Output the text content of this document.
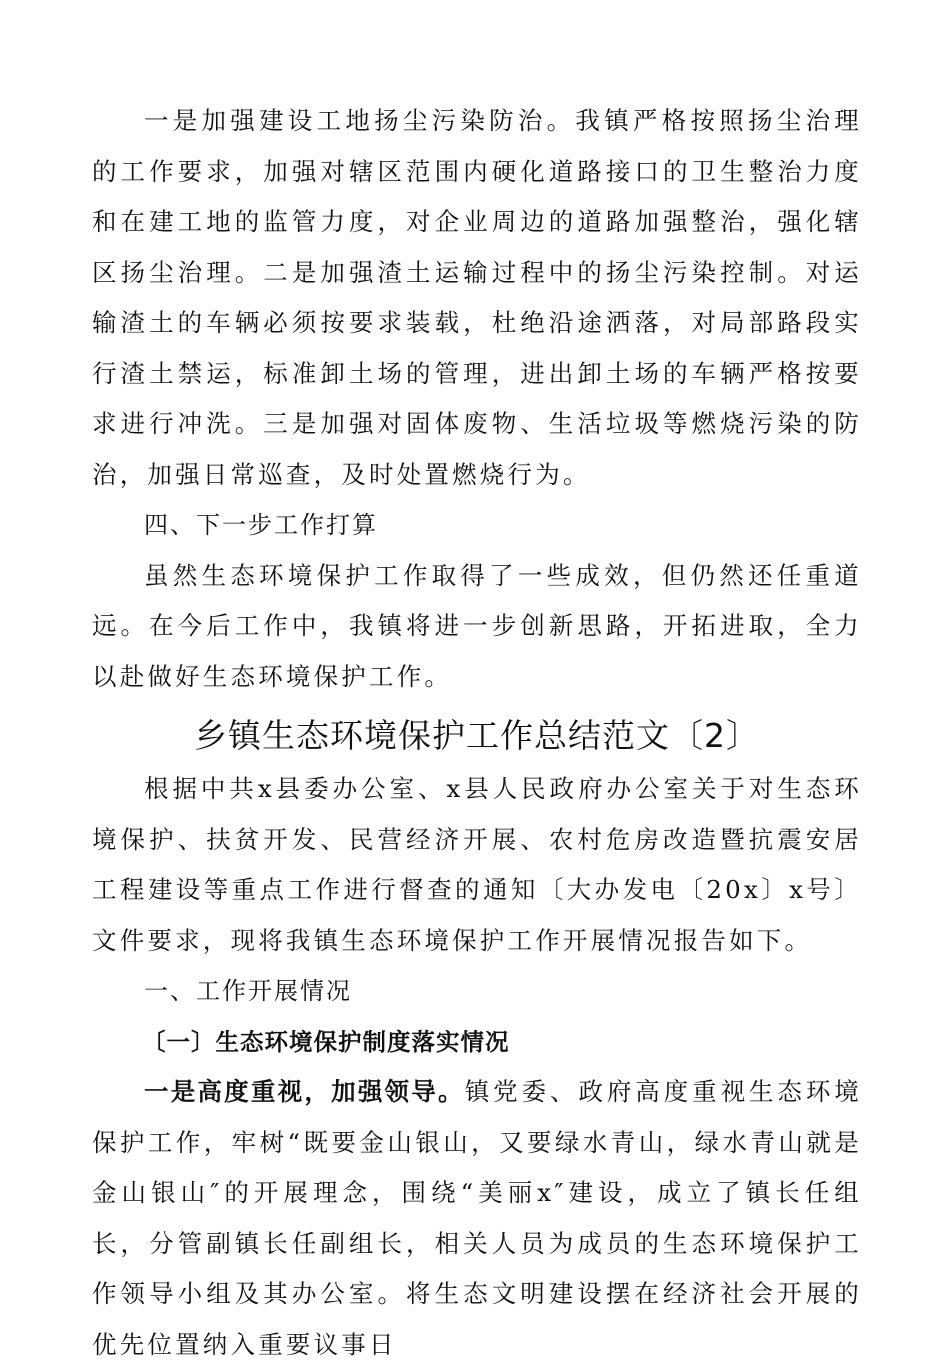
一是加强建设工地扬尘污染防治。我镇严格按照扬尘治理的工作要求，加强对辖区范围内硬化道路接口的卫生整治力度和在建工地的监管力度，对企业周边的道路加强整治，强化辖区扬尘治理。二是加强渣土运输过程中的扬尘污染控制。对运输渣土的车辆必须按要求装载，杜绝沿途洒落，对局部路段实行渣土禁运，标准卸土场的管理，进出卸土场的车辆严格按要求进行冲洗。三是加强对固体废物、生活垃圾等燃烧污染的防治，加强日常巡查，及时处置燃烧行为。

四、下一步工作打算

虽然生态环境保护工作取得了一些成效，但仍然还任重道远。在今后工作中，我镇将进一步创新思路，开拓进取，全力以赴做好生态环境保护工作。

乡镇生态环境保护工作总结范文〔2〕

根据中共x县委办公室、x县人民政府办公室关于对生态环境保护、扶贫开发、民营经济开展、农村危房改造暨抗震安居工程建设等重点工作进行督查的通知〔大办发电〔20x〕x号〕文件要求，现将我镇生态环境保护工作开展情况报告如下。

一、工作开展情况
〔一〕生态环境保护制度落实情况

一是高度重视，加强领导。镇党委、政府高度重视生态环境保护工作，牢树“既要金山银山，又要绿水青山，绿水青山就是金山银山″的开展理念，围绕“美丽x″建设，成立了镇长任组长，分管副镇长任副组长，相关人员为成员的生态环境保护工作领导小组及其办公室。将生态文明建设摆在经济社会开展的优先位置纳入重要议事日
